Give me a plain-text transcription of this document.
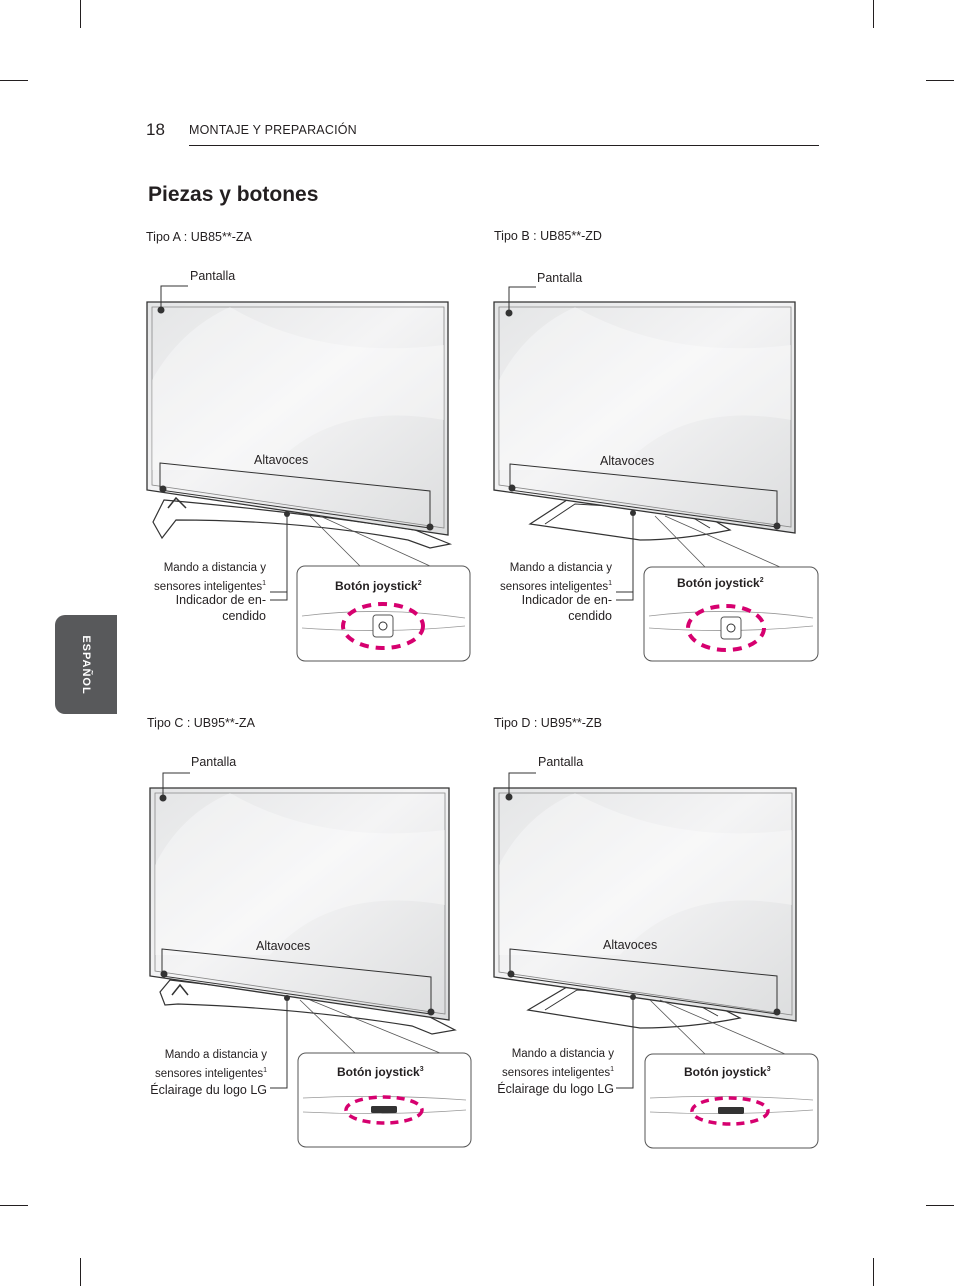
18 MONTAJE Y PREPARACIÓN
Piezas y botones
ESPAÑOL
Tipo A : UB85**-ZA
Pantalla
Altavoces
Mando a distancia y
sensores inteligentes$^1$
Indicador de en-
cendido
Botón joystick$^2$
Tipo B : UB85**-ZD
Pantalla
Altavoces
Mando a distancia y
sensores inteligentes$^1$
Indicador de en-
cendido
Botón joystick$^2$
Tipo C : UB95**-ZA
Pantalla
Altavoces
Mando a distancia y
sensores inteligentes$^1$
Éclairage du logo LG
Botón joystick$^3$
Tipo D : UB95**-ZB
Pantalla
Altavoces
Mando a distancia y
sensores inteligentes$^1$
Éclairage du logo LG
Botón joystick$^3$
